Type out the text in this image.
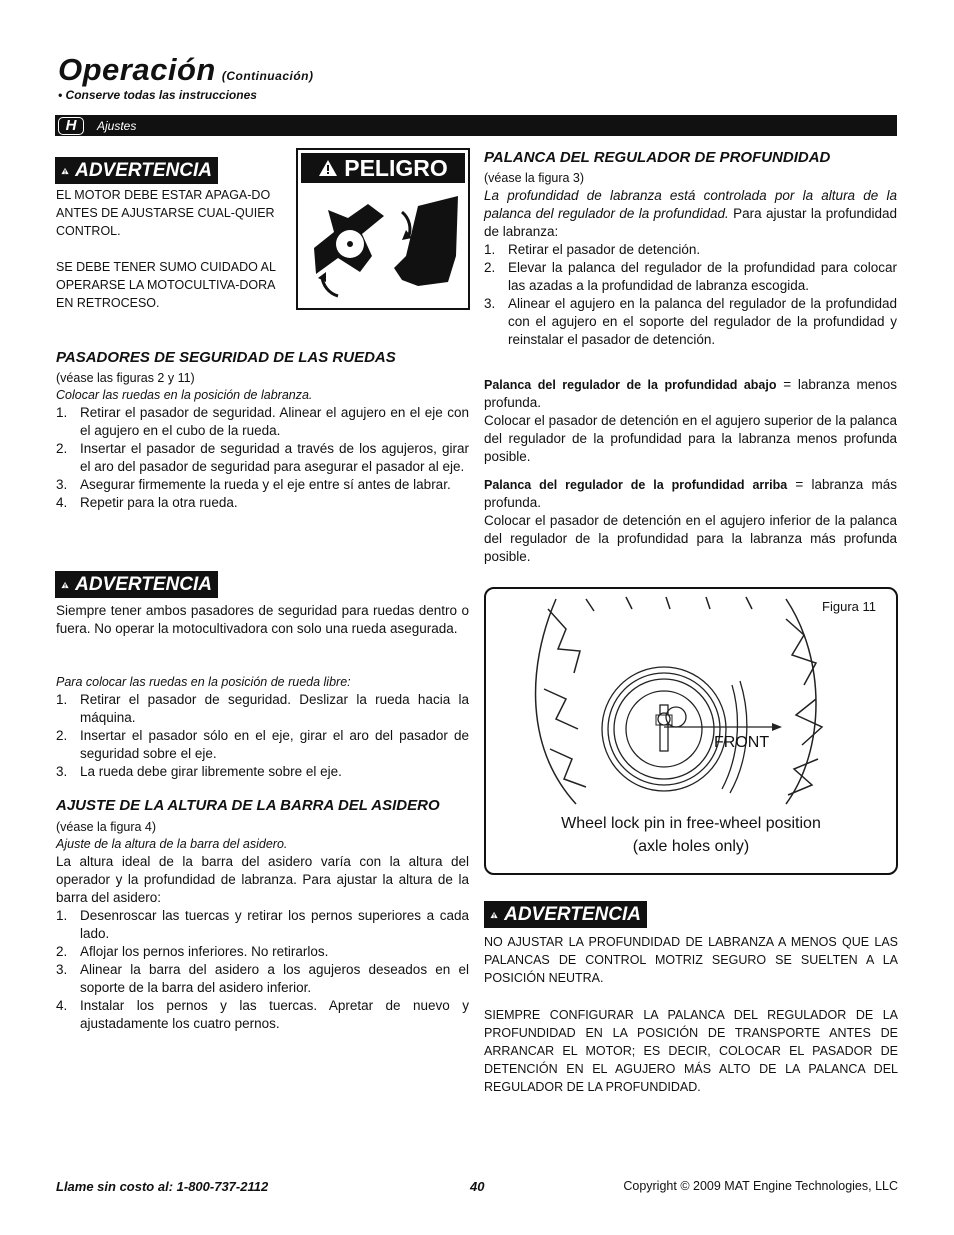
Operación (Continuación)
• Conserve todas las instrucciones
H	Ajustes
ADVERTENCIA
EL MOTOR DEBE ESTAR APAGA-DO ANTES DE AJUSTARSE CUAL-QUIER CONTROL.
SE DEBE TENER SUMO CUIDADO AL OPERARSE LA MOTOCULTIVA-DORA EN RETROCESO.
PELIGRO
PASADORES DE SEGURIDAD DE LAS RUEDAS
(véase las figuras 2 y 11)
Colocar las ruedas en la posición de labranza.
1. Retirar el pasador de seguridad. Alinear el agujero en el eje con el agujero en el cubo de la rueda.
2. Insertar el pasador de seguridad a través de los agujeros, girar el aro del pasador de seguridad para asegurar el pasador al eje.
3. Asegurar firmemente la rueda y el eje entre sí antes de labrar.
4. Repetir para la otra rueda.
ADVERTENCIA
Siempre tener ambos pasadores de seguridad para ruedas dentro o fuera. No operar la motocultivadora con solo una rueda asegurada.
Para colocar las ruedas en la posición de rueda libre:
1. Retirar el pasador de seguridad. Deslizar la rueda hacia la máquina.
2. Insertar el pasador sólo en el eje, girar el aro del pasador de seguridad sobre el eje.
3. La rueda debe girar libremente sobre el eje.
AJUSTE DE LA ALTURA DE LA BARRA DEL ASIDERO
(véase la figura 4)
Ajuste de la altura de la barra del asidero.
La altura ideal de la barra del asidero varía con la altura del operador y la profundidad de labranza. Para ajustar la altura de la barra del asidero:
1. Desenroscar las tuercas y retirar los pernos superiores a cada lado.
2. Aflojar los pernos inferiores. No retirarlos.
3. Alinear la barra del asidero a los agujeros deseados en el soporte de la barra del asidero inferior.
4. Instalar los pernos y las tuercas. Apretar de nuevo y ajustadamente los cuatro pernos.
PALANCA DEL REGULADOR DE PROFUNDIDAD
(véase la figura 3)
La profundidad de labranza está controlada por la altura de la palanca del regulador de la profundidad. Para ajustar la profundidad de labranza:
1. Retirar el pasador de detención.
2. Elevar la palanca del regulador de la profundidad para colocar las azadas a la profundidad de labranza escogida.
3. Alinear el agujero en la palanca del regulador de la profundidad con el agujero en el soporte del regulador de la profundidad y reinstalar el pasador de detención.
Palanca del regulador de la profundidad abajo = labranza menos profunda.
Colocar el pasador de detención en el agujero superior de la palanca del regulador de la profundidad para la labranza menos profunda posible.
Palanca del regulador de la profundidad arriba = labranza más profunda.
Colocar el pasador de detención en el agujero inferior de la palanca del regulador de la profundidad para la labranza más profunda posible.
Figura 11
FRONT
Wheel lock pin in free-wheel position
(axle holes only)
ADVERTENCIA
NO AJUSTAR LA PROFUNDIDAD DE LABRANZA A MENOS QUE LAS PALANCAS DE CONTROL MOTRIZ SEGURO SE SUELTEN A LA POSICIÓN NEUTRA.
SIEMPRE CONFIGURAR LA PALANCA DEL REGULADOR DE LA PROFUNDIDAD EN LA POSICIÓN DE TRANSPORTE ANTES DE ARRANCAR EL MOTOR; ES DECIR, COLOCAR EL PASADOR DE DETENCIÓN EN EL AGUJERO MÁS ALTO DE LA PALANCA DEL REGULADOR DE LA PROFUNDIDAD.
Llame sin costo al: 1-800-737-2112	40	Copyright © 2009 MAT Engine Technologies, LLC
